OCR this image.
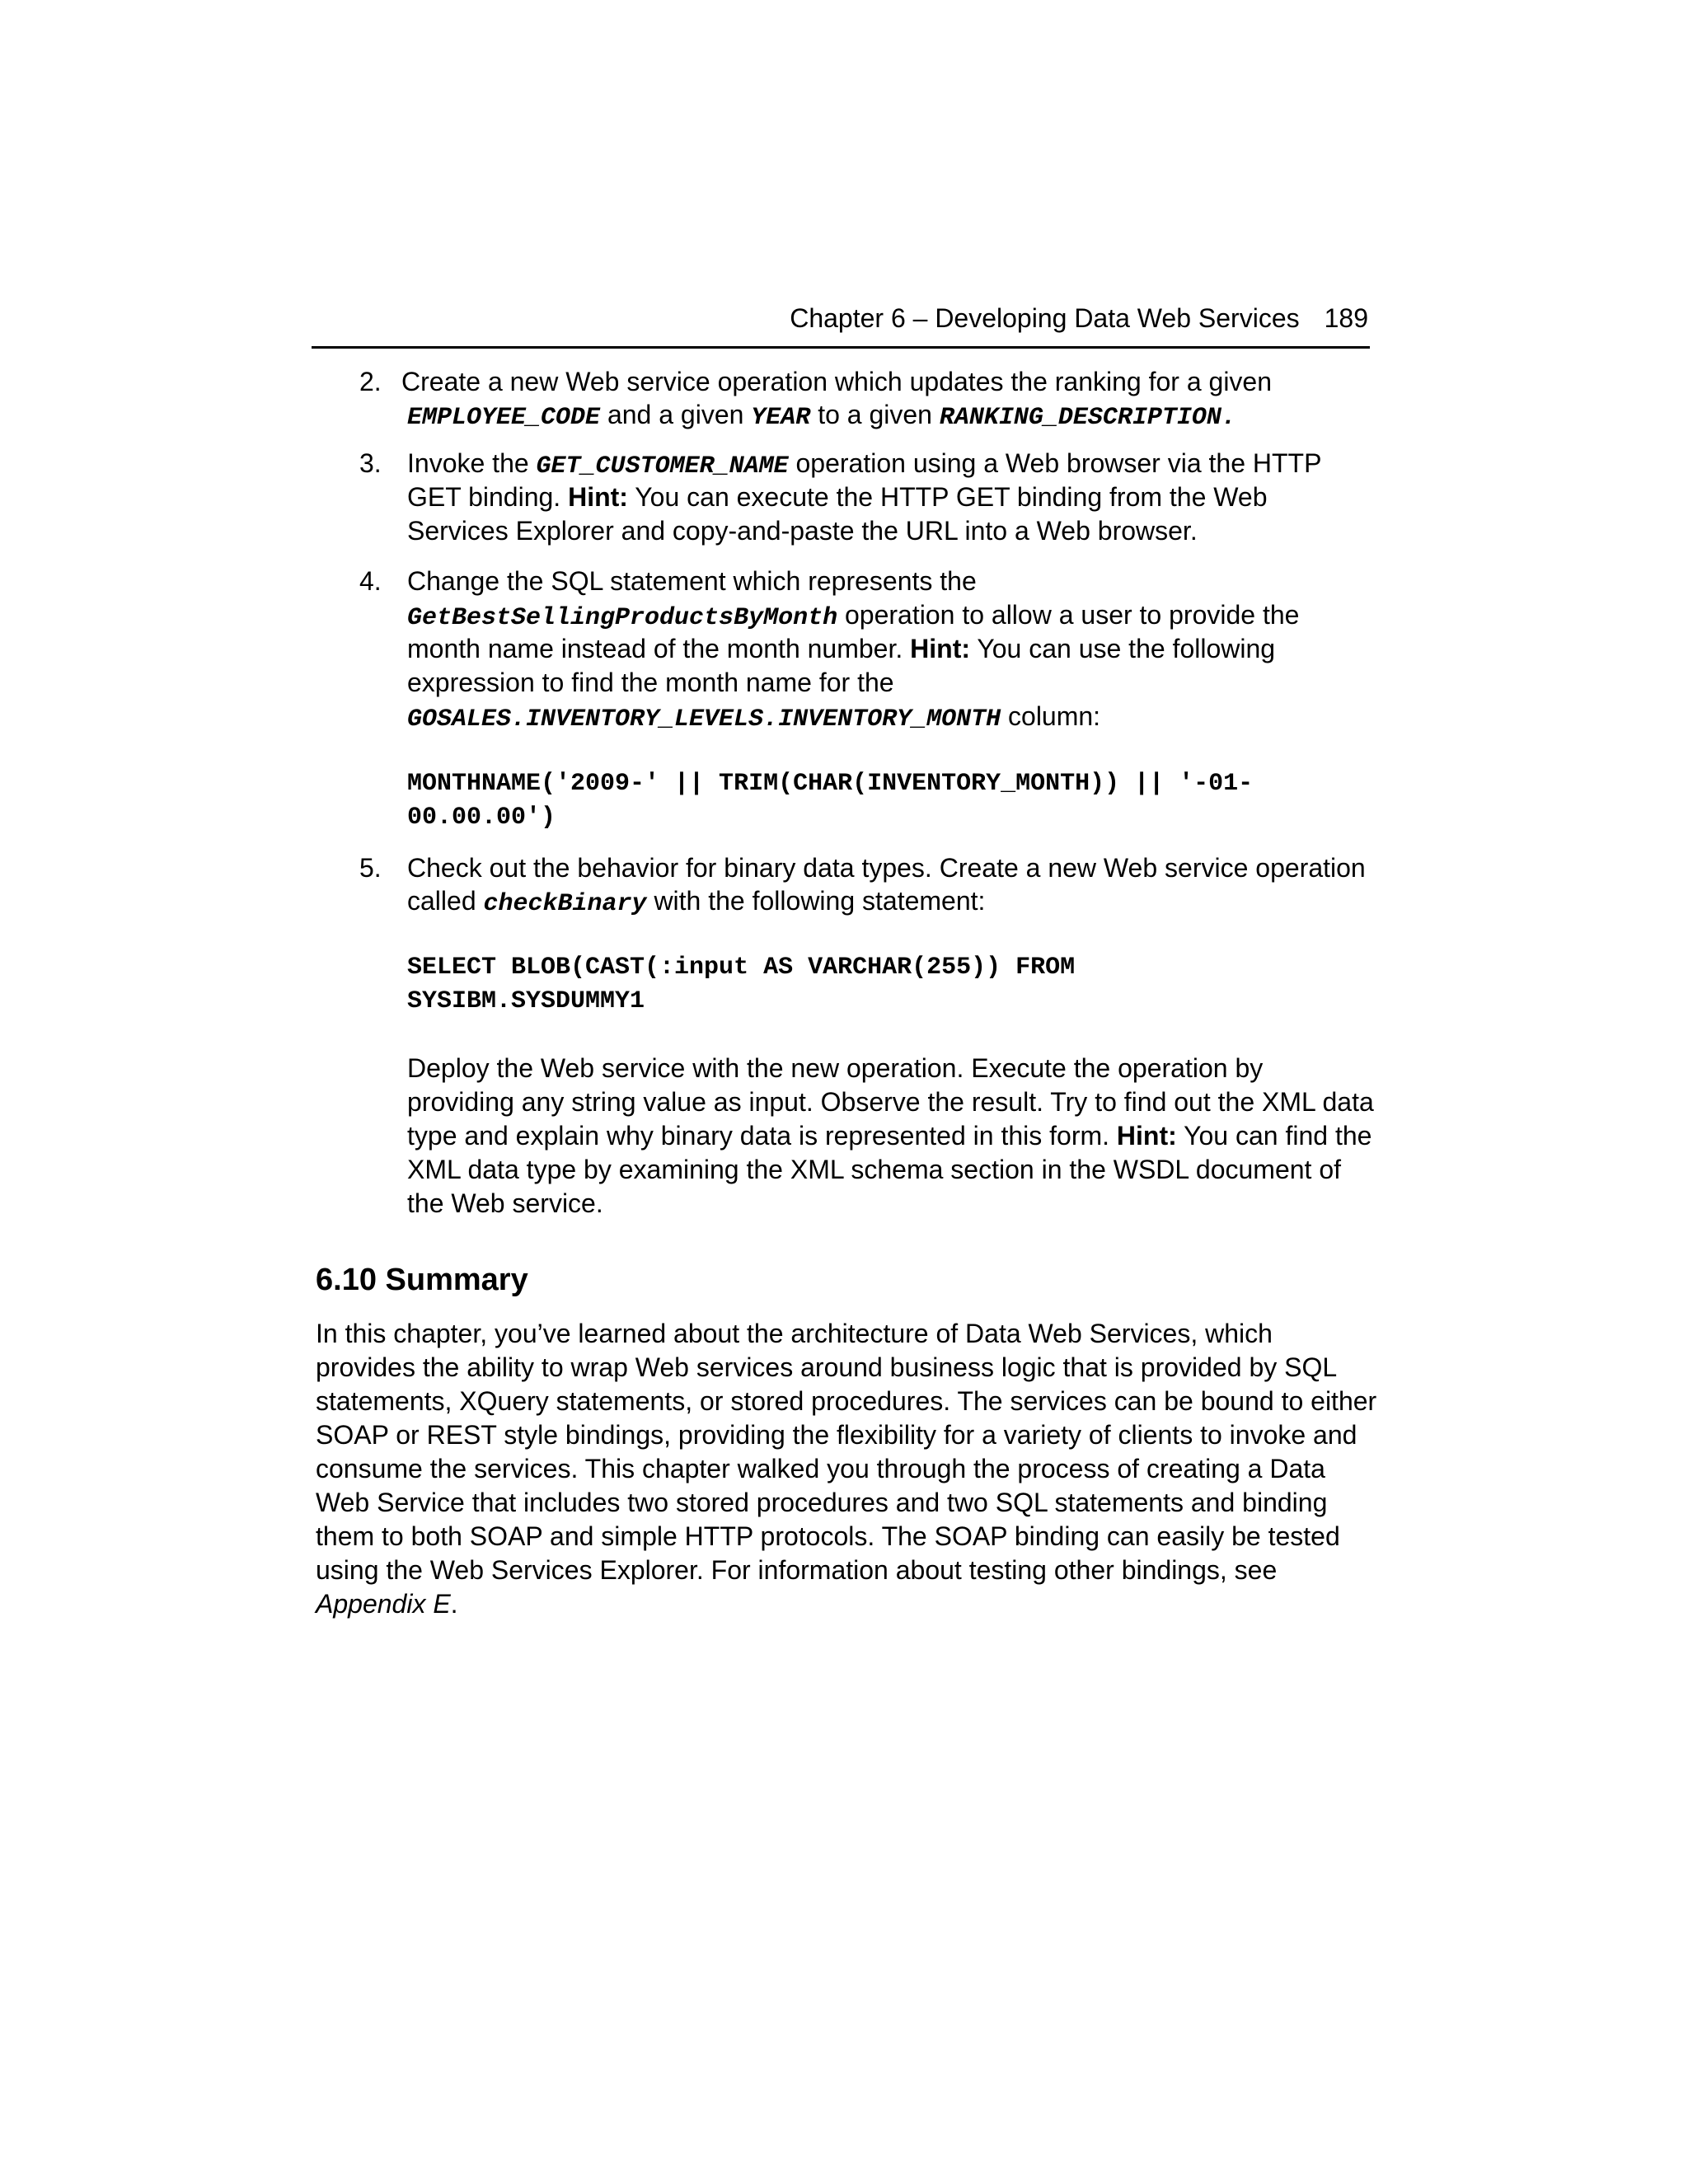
Chapter 6 – Developing Data Web Services 189
2. Create a new Web service operation which updates the ranking for a given
EMPLOYEE_CODE and a given YEAR to a given RANKING_DESCRIPTION.
3. Invoke the GET_CUSTOMER_NAME operation using a Web browser via the HTTP
GET binding. Hint: You can execute the HTTP GET binding from the Web
Services Explorer and copy-and-paste the URL into a Web browser.
4. Change the SQL statement which represents the
GetBestSellingProductsByMonth operation to allow a user to provide the
month name instead of the month number. Hint: You can use the following
expression to find the month name for the
GOSALES.INVENTORY_LEVELS.INVENTORY_MONTH column:
MONTHNAME('2009-' || TRIM(CHAR(INVENTORY_MONTH)) || '-01-
00.00.00')
5. Check out the behavior for binary data types. Create a new Web service operation
called checkBinary with the following statement:
SELECT BLOB(CAST(:input AS VARCHAR(255)) FROM
SYSIBM.SYSDUMMY1
Deploy the Web service with the new operation. Execute the operation by
providing any string value as input. Observe the result. Try to find out the XML data
type and explain why binary data is represented in this form. Hint: You can find the
XML data type by examining the XML schema section in the WSDL document of
the Web service.
6.10 Summary
In this chapter, you’ve learned about the architecture of Data Web Services, which
provides the ability to wrap Web services around business logic that is provided by SQL
statements, XQuery statements, or stored procedures. The services can be bound to either
SOAP or REST style bindings, providing the flexibility for a variety of clients to invoke and
consume the services. This chapter walked you through the process of creating a Data
Web Service that includes two stored procedures and two SQL statements and binding
them to both SOAP and simple HTTP protocols. The SOAP binding can easily be tested
using the Web Services Explorer. For information about testing other bindings, see
Appendix E.
